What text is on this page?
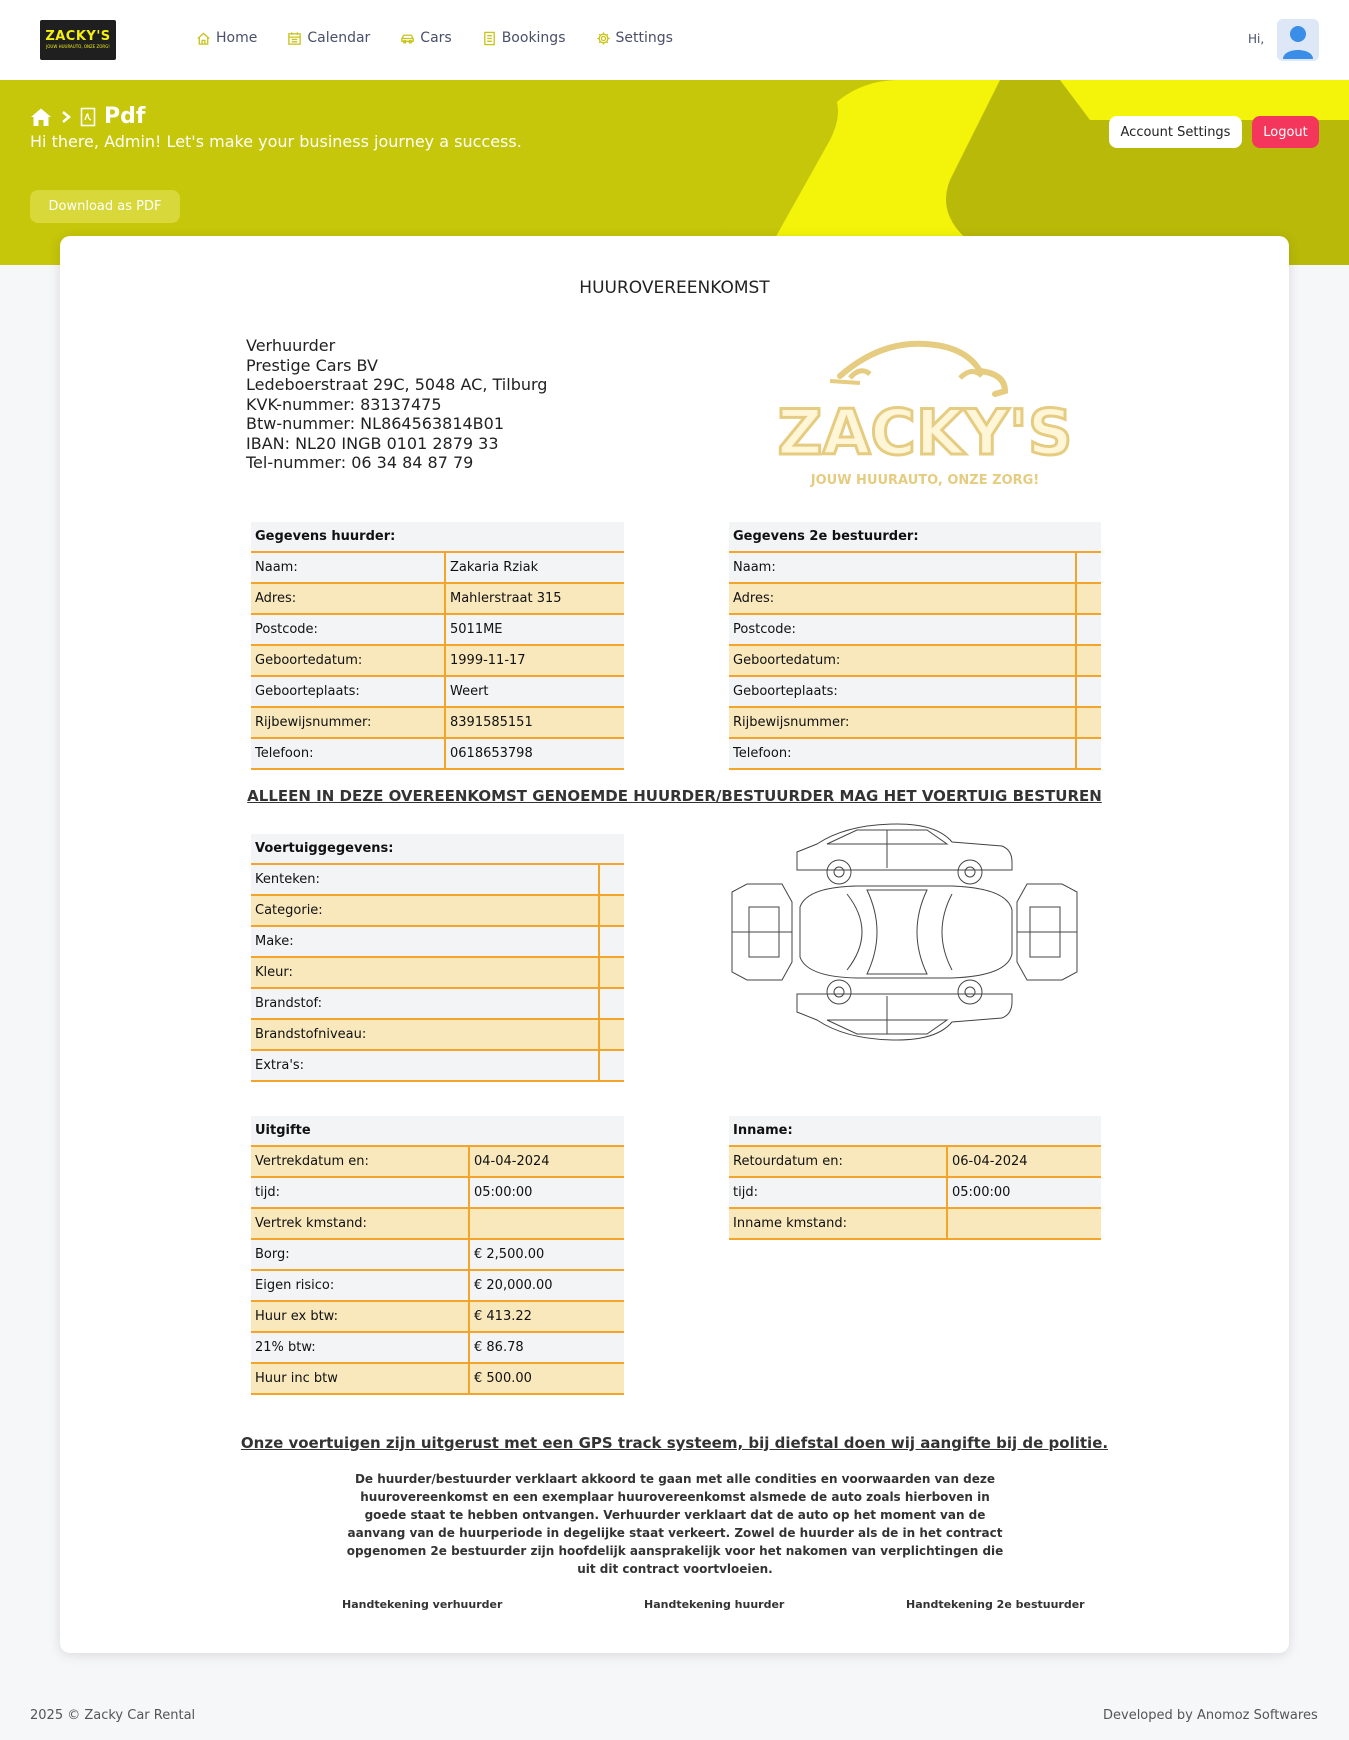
ZACKY'S
JOUW HUURAUTO, ONZE ZORG!
Home	Calendar	Cars	Bookings	Settings	Hi,
Pdf
Hi there, Admin! Let's make your business journey a success.
Download as PDF
Account Settings	Logout
HUUROVEREENKOMST
Verhuurder
Prestige Cars BV
Ledeboerstraat 29C, 5048 AC, Tilburg
KVK-nummer: 83137475
Btw-nummer: NL864563814B01
IBAN: NL20 INGB 0101 2879 33
Tel-nummer: 06 34 84 87 79	ZACKY'S
JOUW HUURAUTO, ONZE ZORG!
Gegevens huurder:	
Naam:	Zakaria Rziak
Adres:	Mahlerstraat 315
Postcode:	5011ME
Geboortedatum:	1999-11-17
Geboorteplaats:	Weert
Rijbewijsnummer:	8391585151
Telefoon:	0618653798
Gegevens 2e bestuurder:	
Naam:	
Adres:	
Postcode:	
Geboortedatum:	
Geboorteplaats:	
Rijbewijsnummer:	
Telefoon:	
ALLEEN IN DEZE OVEREENKOMST GENOEMDE HUURDER/BESTUURDER MAG HET VOERTUIG BESTUREN
Voertuiggegevens:	
Kenteken:	
Categorie:	
Make:	
Kleur:	
Brandstof:	
Brandstofniveau:	
Extra's:	
Uitgifte	
Vertrekdatum en:	04-04-2024
tijd:	05:00:00
Vertrek kmstand:	
Borg:	€ 2,500.00
Eigen risico:	€ 20,000.00
Huur ex btw:	€ 413.22
21% btw:	€ 86.78
Huur inc btw	€ 500.00
Inname:	
Retourdatum en:	06-04-2024
tijd:	05:00:00
Inname kmstand:	
Onze voertuigen zijn uitgerust met een GPS track systeem, bij diefstal doen wij aangifte bij de politie.
De huurder/bestuurder verklaart akkoord te gaan met alle condities en voorwaarden van deze huurovereenkomst en een exemplaar huurovereenkomst alsmede de auto zoals hierboven in goede staat te hebben ontvangen. Verhuurder verklaart dat de auto op het moment van de aanvang van de huurperiode in degelijke staat verkeert. Zowel de huurder als de in het contract opgenomen 2e bestuurder zijn hoofdelijk aansprakelijk voor het nakomen van verplichtingen die uit dit contract voortvloeien.
Handtekening verhuurder	Handtekening huurder	Handtekening 2e bestuurder
2025 © Zacky Car Rental	Developed by Anomoz Softwares
